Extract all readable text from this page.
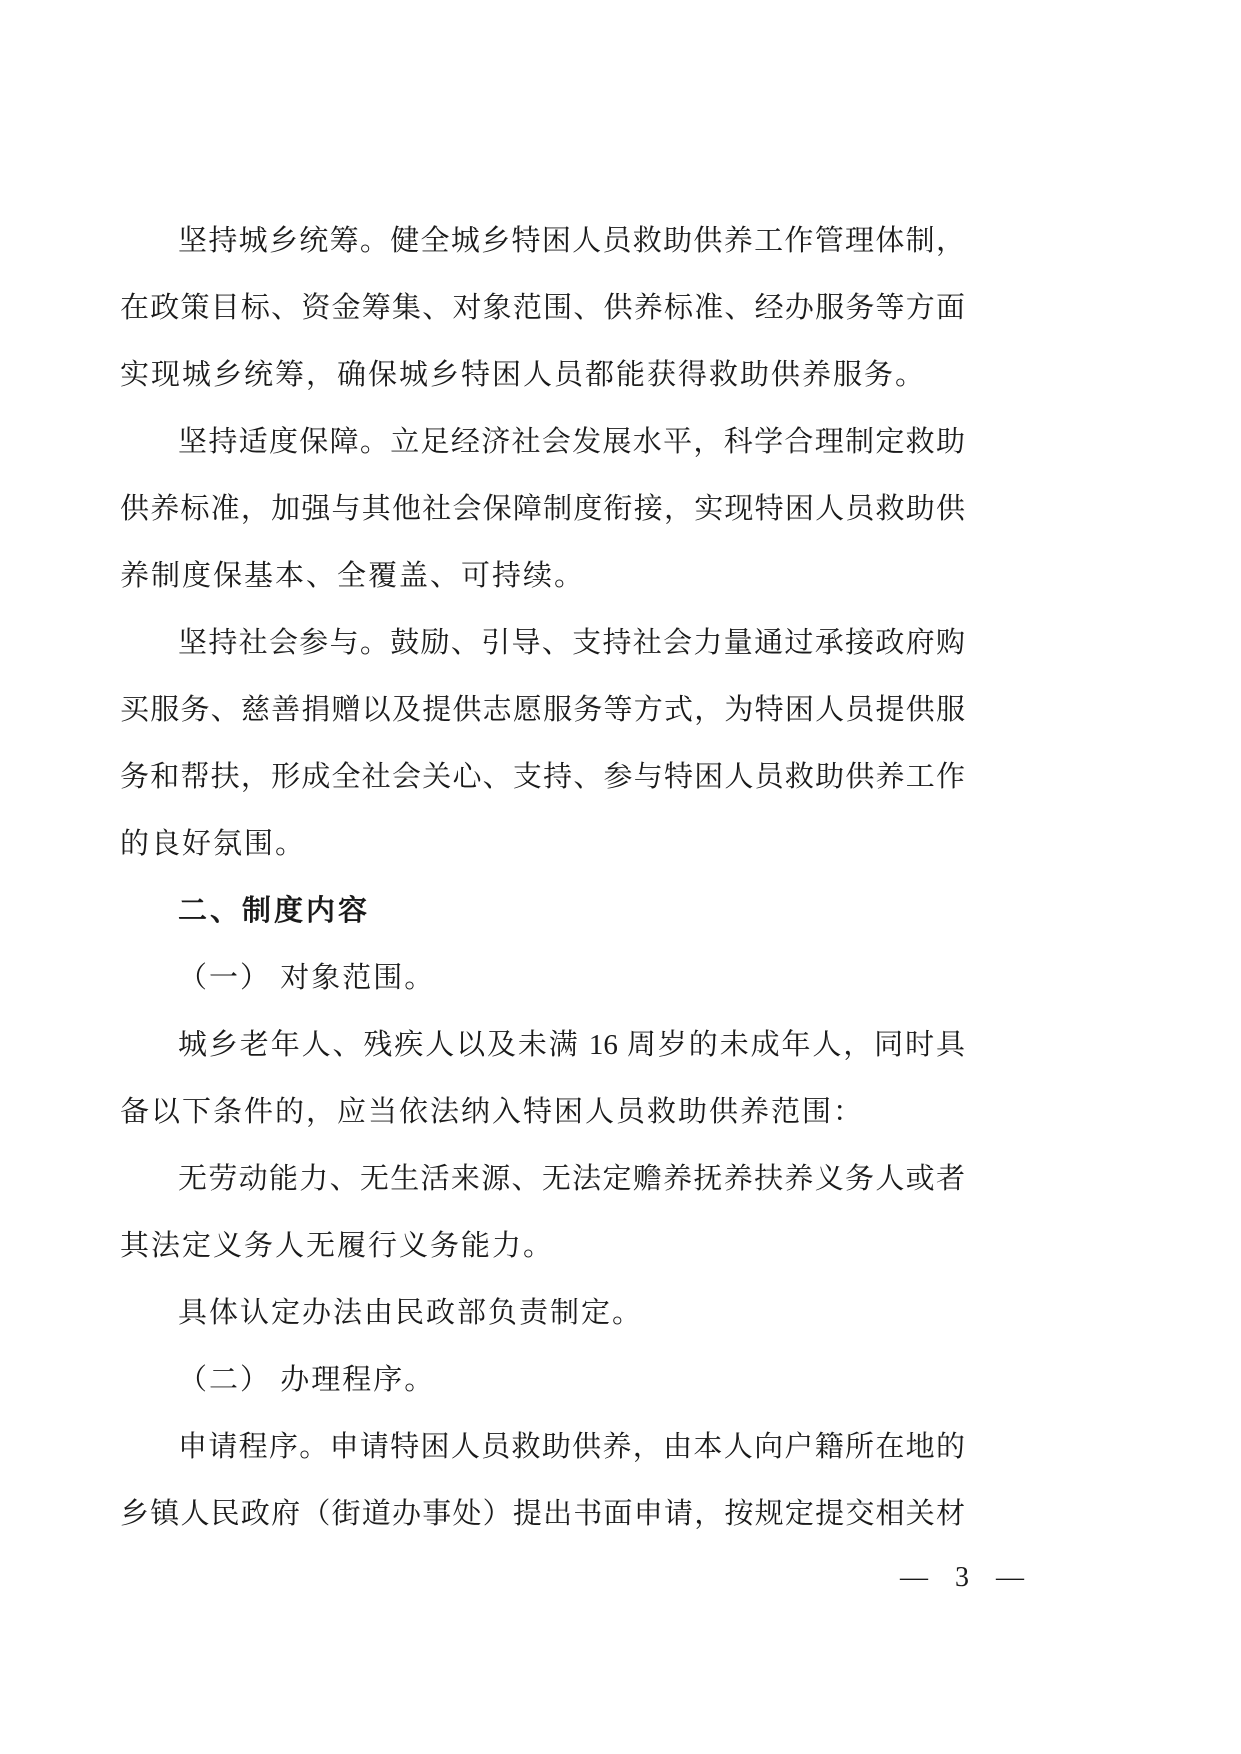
坚持城乡统筹。健全城乡特困人员救助供养工作管理体制，
在政策目标、资金筹集、对象范围、供养标准、经办服务等方面
实现城乡统筹，确保城乡特困人员都能获得救助供养服务。
坚持适度保障。立足经济社会发展水平，科学合理制定救助
供养标准，加强与其他社会保障制度衔接，实现特困人员救助供
养制度保基本、全覆盖、可持续。
坚持社会参与。鼓励、引导、支持社会力量通过承接政府购
买服务、慈善捐赠以及提供志愿服务等方式，为特困人员提供服
务和帮扶，形成全社会关心、支持、参与特困人员救助供养工作
的良好氛围。
二、制度内容
（一） 对象范围。
城乡老年人、残疾人以及未满 16 周岁的未成年人，同时具
备以下条件的，应当依法纳入特困人员救助供养范围：
无劳动能力、无生活来源、无法定赡养抚养扶养义务人或者
其法定义务人无履行义务能力。
具体认定办法由民政部负责制定。
（二） 办理程序。
申请程序。申请特困人员救助供养，由本人向户籍所在地的
乡镇人民政府（街道办事处）提出书面申请，按规定提交相关材
— 3 —
